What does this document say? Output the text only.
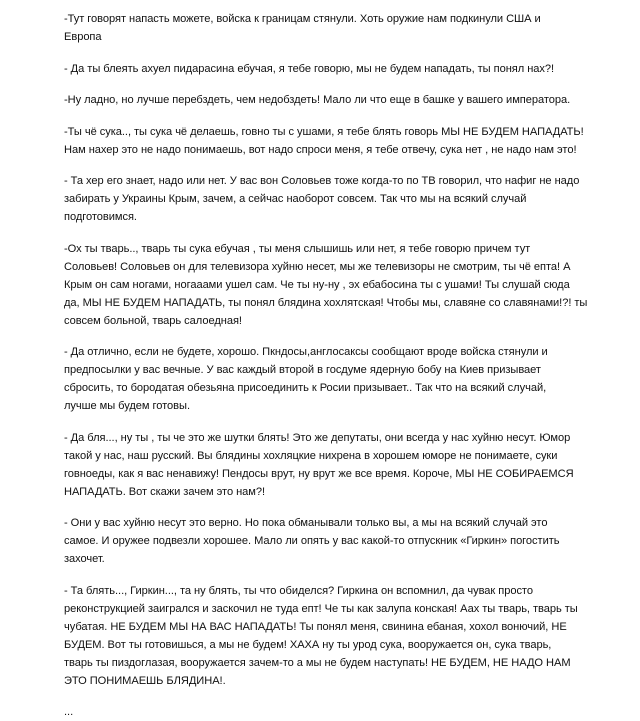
-Тут говорят напасть можете, войска к границам стянули. Хоть оружие нам подкинули США и
Европа
- Да ты блеять ахуел пидарасина ебучая, я тебе говорю, мы не будем нападать, ты понял нах?!
-Ну ладно, но лучше перебздеть, чем недобздеть! Мало ли что еще в башке у вашего императора.
-Ты чё сука.., ты сука чё делаешь, говно ты с ушами, я тебе блять говорь МЫ НЕ БУДЕМ НАПАДАТЬ!
Нам нахер это не надо понимаешь, вот надо спроси меня, я тебе отвечу, сука нет , не надо нам это!
- Та хер его знает, надо или нет. У вас вон Соловьев тоже когда-то по ТВ говорил, что нафиг не надо
забирать у Украины Крым, зачем, а сейчас наоборот совсем. Так что мы на всякий случай
подготовимся.
-Ох ты тварь.., тварь ты сука ебучая , ты меня слышишь или нет, я тебе говорю причем тут
Соловьев! Соловьев он для телевизора хуйню несет, мы же телевизоры не смотрим, ты чё епта! А
Крым он сам ногами, ногааами ушел сам. Че ты ну-ну , эх ебабосина ты с ушами! Ты слушай сюда
да, МЫ НЕ БУДЕМ НАПАДАТЬ, ты понял блядина хохлятская! Чтобы мы, славяне со славянами!?! ты
совсем больной, тварь салоедная!
- Да отлично, если не будете, хорошо. Пкндосы,англосаксы сообщают вроде войска стянули и
предпосылки у вас вечные. У вас каждый второй в госдуме ядерную бобу на Киев призывает
сбросить, то бородатая обезьяна присоединить к Росии призывает.. Так что на всякий случай,
лучше мы будем готовы.
- Да бля..., ну ты , ты че это же шутки блять! Это же депутаты, они всегда у нас хуйню несут. Юмор
такой у нас, наш русский. Вы блядины хохляцкие нихрена в хорошем юморе не понимаете, суки
говноеды, как я вас ненавижу! Пендосы врут, ну врут же все время. Короче, МЫ НЕ СОБИРАЕМСЯ
НАПАДАТЬ. Вот скажи зачем это нам?!
- Они у вас хуйню несут это верно. Но пока обманывали только вы, а мы на всякий случай это
самое. И оружее подвезли хорошее. Мало ли опять у вас какой-то отпускник «Гиркин» погостить
захочет.
- Та блять..., Гиркин..., та ну блять, ты что обиделся? Гиркина он вспомнил, да чувак просто
реконструкцией заигрался и заскочил не туда епт! Че ты как залупа конская! Аах ты тварь, тварь ты
чубатая. НЕ БУДЕМ МЫ НА ВАС НАПАДАТЬ! Ты понял меня, свинина ебаная, хохол вонючий, НЕ
БУДЕМ. Вот ты готовишься, а мы не будем! ХАХА ну ты урод сука, вооружается он, сука тварь,
тварь ты пиздоглазая, вооружается зачем-то а мы не будем наступать! НЕ БУДЕМ, НЕ НАДО НАМ
ЭТО ПОНИМАЕШЬ БЛЯДИНА!.
...
